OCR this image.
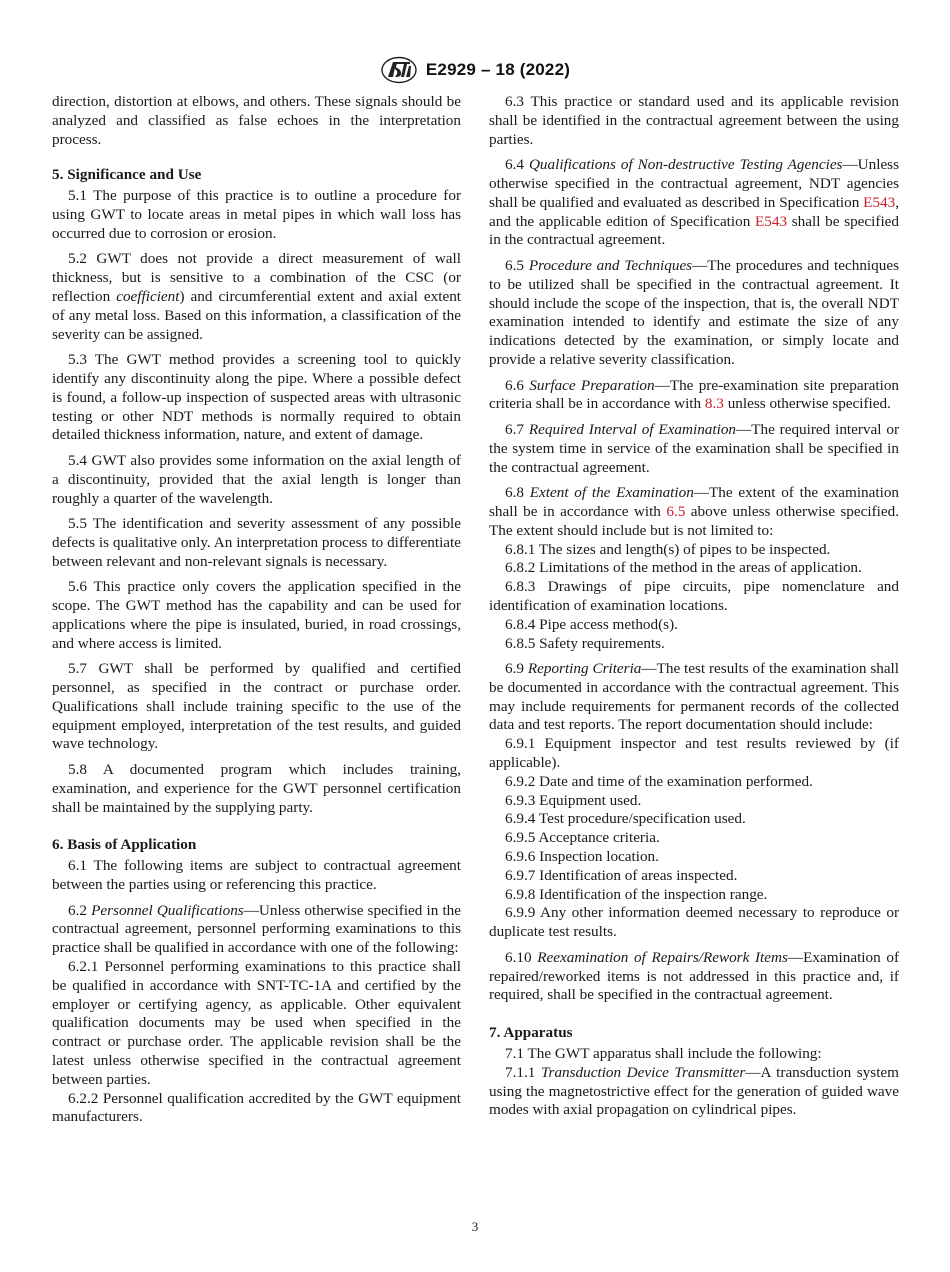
E2929 – 18 (2022)

direction, distortion at elbows, and others. These signals should be analyzed and classified as false echoes in the interpretation process.

5. Significance and Use

5.1 The purpose of this practice is to outline a procedure for using GWT to locate areas in metal pipes in which wall loss has occurred due to corrosion or erosion.

5.2 GWT does not provide a direct measurement of wall thickness, but is sensitive to a combination of the CSC (or reflection coefficient) and circumferential extent and axial extent of any metal loss. Based on this information, a classification of the severity can be assigned.

5.3 The GWT method provides a screening tool to quickly identify any discontinuity along the pipe. Where a possible defect is found, a follow-up inspection of suspected areas with ultrasonic testing or other NDT methods is normally required to obtain detailed thickness information, nature, and extent of damage.

5.4 GWT also provides some information on the axial length of a discontinuity, provided that the axial length is longer than roughly a quarter of the wavelength.

5.5 The identification and severity assessment of any possible defects is qualitative only. An interpretation process to differentiate between relevant and non-relevant signals is necessary.

5.6 This practice only covers the application specified in the scope. The GWT method has the capability and can be used for applications where the pipe is insulated, buried, in road crossings, and where access is limited.

5.7 GWT shall be performed by qualified and certified personnel, as specified in the contract or purchase order. Qualifications shall include training specific to the use of the equipment employed, interpretation of the test results, and guided wave technology.

5.8 A documented program which includes training, examination, and experience for the GWT personnel certification shall be maintained by the supplying party.

6. Basis of Application

6.1 The following items are subject to contractual agreement between the parties using or referencing this practice.

6.2 Personnel Qualifications—Unless otherwise specified in the contractual agreement, personnel performing examinations to this practice shall be qualified in accordance with one of the following:

6.2.1 Personnel performing examinations to this practice shall be qualified in accordance with SNT-TC-1A and certified by the employer or certifying agency, as applicable. Other equivalent qualification documents may be used when specified in the contract or purchase order. The applicable revision shall be the latest unless otherwise specified in the contractual agreement between parties.

6.2.2 Personnel qualification accredited by the GWT equipment manufacturers.

6.3 This practice or standard used and its applicable revision shall be identified in the contractual agreement between the using parties.

6.4 Qualifications of Non-destructive Testing Agencies—Unless otherwise specified in the contractual agreement, NDT agencies shall be qualified and evaluated as described in Specification E543, and the applicable edition of Specification E543 shall be specified in the contractual agreement.

6.5 Procedure and Techniques—The procedures and techniques to be utilized shall be specified in the contractual agreement. It should include the scope of the inspection, that is, the overall NDT examination intended to identify and estimate the size of any indications detected by the examination, or simply locate and provide a relative severity classification.

6.6 Surface Preparation—The pre-examination site preparation criteria shall be in accordance with 8.3 unless otherwise specified.

6.7 Required Interval of Examination—The required interval or the system time in service of the examination shall be specified in the contractual agreement.

6.8 Extent of the Examination—The extent of the examination shall be in accordance with 6.5 above unless otherwise specified. The extent should include but is not limited to:

6.8.1 The sizes and length(s) of pipes to be inspected.

6.8.2 Limitations of the method in the areas of application.

6.8.3 Drawings of pipe circuits, pipe nomenclature and identification of examination locations.

6.8.4 Pipe access method(s).

6.8.5 Safety requirements.

6.9 Reporting Criteria—The test results of the examination shall be documented in accordance with the contractual agreement. This may include requirements for permanent records of the collected data and test reports. The report documentation should include:

6.9.1 Equipment inspector and test results reviewed by (if applicable).

6.9.2 Date and time of the examination performed.

6.9.3 Equipment used.

6.9.4 Test procedure/specification used.

6.9.5 Acceptance criteria.

6.9.6 Inspection location.

6.9.7 Identification of areas inspected.

6.9.8 Identification of the inspection range.

6.9.9 Any other information deemed necessary to reproduce or duplicate test results.

6.10 Reexamination of Repairs/Rework Items—Examination of repaired/reworked items is not addressed in this practice and, if required, shall be specified in the contractual agreement.

7. Apparatus

7.1 The GWT apparatus shall include the following:

7.1.1 Transduction Device Transmitter—A transduction system using the magnetostrictive effect for the generation of guided wave modes with axial propagation on cylindrical pipes.

3
